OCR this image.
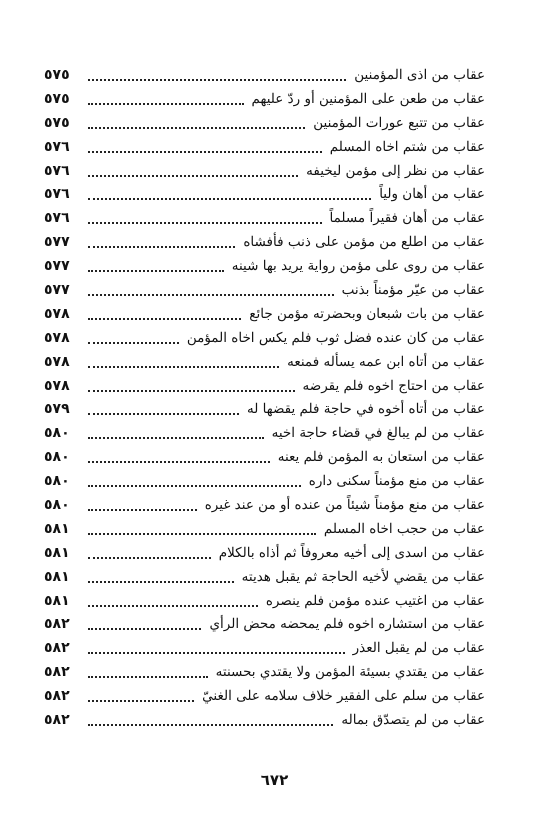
عقاب من اذى المؤمنين
٥٧٥
عقاب من طعن على المؤمنين أو ردّ عليهم
٥٧٥
عقاب من تتبع عورات المؤمنين
٥٧٥
عقاب من شتم اخاه المسلم
٥٧٦
عقاب من نظر إلى مؤمن ليخيفه
٥٧٦
عقاب من أهان ولياً
٥٧٦
عقاب من أهان فقيراً مسلماً
٥٧٦
عقاب من اطلع من مؤمن على ذنب فأفشاه
٥٧٧
عقاب من روى على مؤمن رواية يريد بها شينه
٥٧٧
عقاب من عيّر مؤمناً بذنب
٥٧٧
عقاب من بات شبعان وبحضرته مؤمن جائع
٥٧٨
عقاب من كان عنده فضل ثوب فلم يكس اخاه المؤمن
٥٧٨
عقاب من أتاه ابن عمه يسأله فمنعه
٥٧٨
عقاب من احتاج اخوه فلم يقرضه
٥٧٨
عقاب من أتاه أخوه في حاجة فلم يقضها له
٥٧٩
عقاب من لم يبالغ في قضاء حاجة اخيه
٥٨٠
عقاب من استعان به المؤمن فلم يعنه
٥٨٠
عقاب من منع مؤمناً سكنى داره
٥٨٠
عقاب من منع مؤمناً شيئاً من عنده أو من عند غيره
٥٨٠
عقاب من حجب اخاه المسلم
٥٨١
عقاب من اسدى إلى أخيه معروفاً ثم أذاه بالكلام
٥٨١
عقاب من يقضي لأخيه الحاجة ثم يقبل هديته
٥٨١
عقاب من اغتيب عنده مؤمن فلم ينصره
٥٨١
عقاب من استشاره اخوه فلم يمحضه محض الرأي
٥٨٢
عقاب من لم يقبل العذر
٥٨٢
عقاب من يقتدي بسيئة المؤمن ولا يقتدي بحسنته
٥٨٢
عقاب من سلم على الفقير خلاف سلامه على الغنيّ
٥٨٢
عقاب من لم يتصدّق بماله
٥٨٢
٦٧٢
